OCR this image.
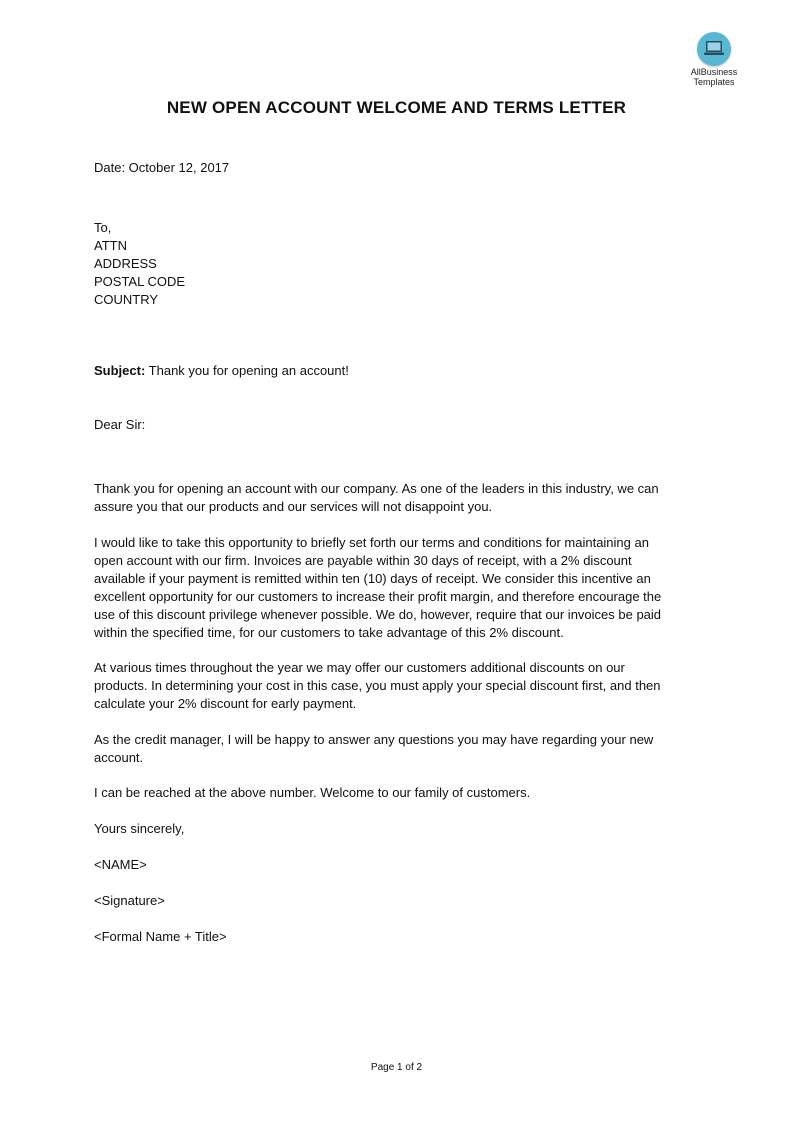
AllBusiness
Templates
NEW OPEN ACCOUNT WELCOME AND TERMS LETTER
Date: October 12, 2017
To,
ATTN
ADDRESS
POSTAL CODE
COUNTRY
Subject: Thank you for opening an account!
Dear Sir:
Thank you for opening an account with our company. As one of the leaders in this industry, we can
assure you that our products and our services will not disappoint you.
I would like to take this opportunity to briefly set forth our terms and conditions for maintaining an
open account with our firm. Invoices are payable within 30 days of receipt, with a 2% discount
available if your payment is remitted within ten (10) days of receipt. We consider this incentive an
excellent opportunity for our customers to increase their profit margin, and therefore encourage the
use of this discount privilege whenever possible. We do, however, require that our invoices be paid
within the specified time, for our customers to take advantage of this 2% discount.
At various times throughout the year we may offer our customers additional discounts on our
products. In determining your cost in this case, you must apply your special discount first, and then
calculate your 2% discount for early payment.
As the credit manager, I will be happy to answer any questions you may have regarding your new
account.
I can be reached at the above number. Welcome to our family of customers.
Yours sincerely,
<NAME>
<Signature>
<Formal Name + Title>
Page 1 of 2
